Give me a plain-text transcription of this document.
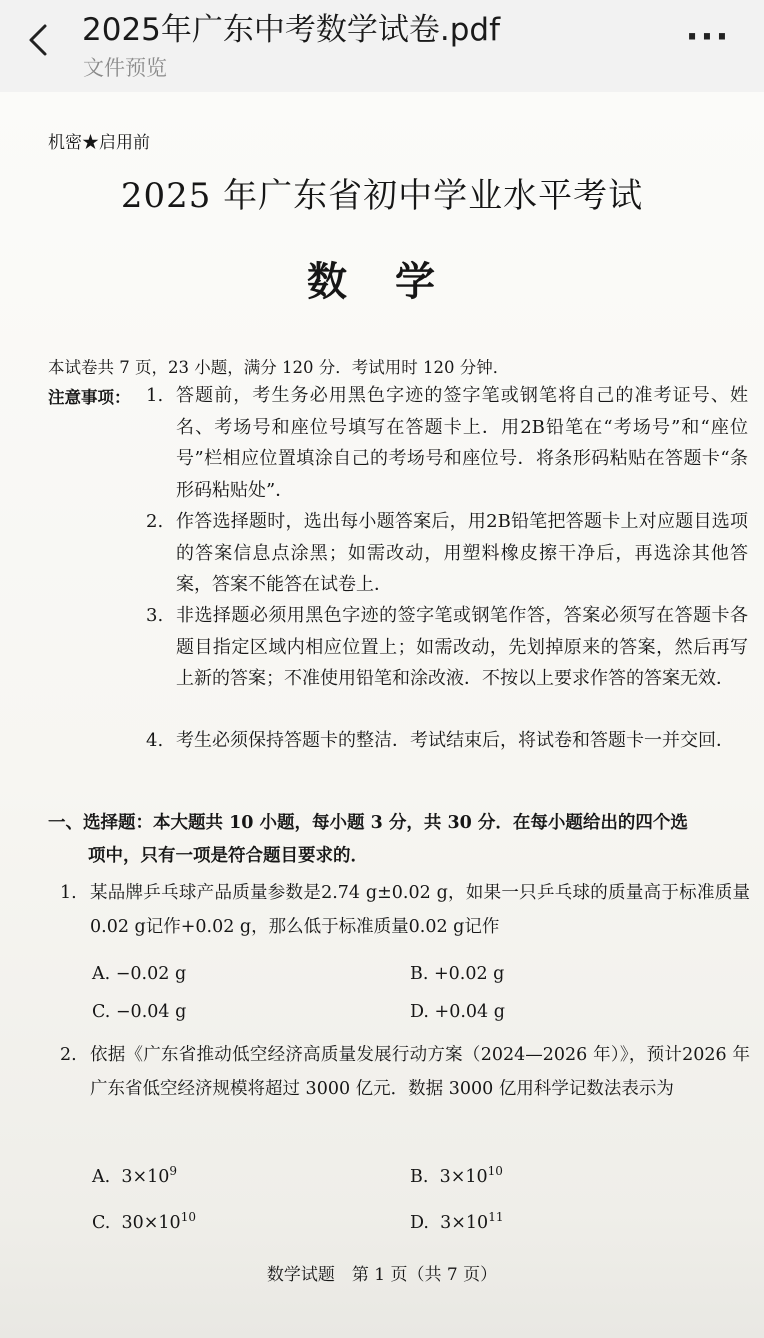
2025年广东中考数学试卷.pdf
文件预览
···
机密★启用前
2025 年广东省初中学业水平考试
数学
本试卷共 7 页，23 小题，满分 120 分．考试用时 120 分钟．
注意事项： 1. 答题前，考生务必用黑色字迹的签字笔或钢笔将自己的准考证号、姓名、考场号和座位号填写在答题卡上．用2B铅笔在“考场号”和“座位号”栏相应位置填涂自己的考场号和座位号．将条形码粘贴在答题卡“条形码粘贴处”．
2. 作答选择题时，选出每小题答案后，用2B铅笔把答题卡上对应题目选项的答案信息点涂黑；如需改动，用塑料橡皮擦干净后，再选涂其他答案，答案不能答在试卷上．
3. 非选择题必须用黑色字迹的签字笔或钢笔作答，答案必须写在答题卡各题目指定区域内相应位置上；如需改动，先划掉原来的答案，然后再写上新的答案；不准使用铅笔和涂改液．不按以上要求作答的答案无效．
4. 考生必须保持答题卡的整洁．考试结束后，将试卷和答题卡一并交回．
一、选择题：本大题共 10 小题，每小题 3 分，共 30 分．在每小题给出的四个选
项中，只有一项是符合题目要求的．
1. 某品牌乒乓球产品质量参数是2.74 g±0.02 g，如果一只乒乓球的质量高于标准质量0.02 g记作+0.02 g，那么低于标准质量0.02 g记作
A. −0.02 g	B. +0.02 g
C. −0.04 g	D. +0.04 g
2. 依据《广东省推动低空经济高质量发展行动方案（2024—2026 年）》，预计2026 年广东省低空经济规模将超过 3000 亿元．数据 3000 亿用科学记数法表示为
A. $3\times 10^9$	B. $3\times 10^{10}$
C. $30\times 10^{10}$	D. $3\times 10^{11}$
数学试题　第 1 页（共 7 页）
